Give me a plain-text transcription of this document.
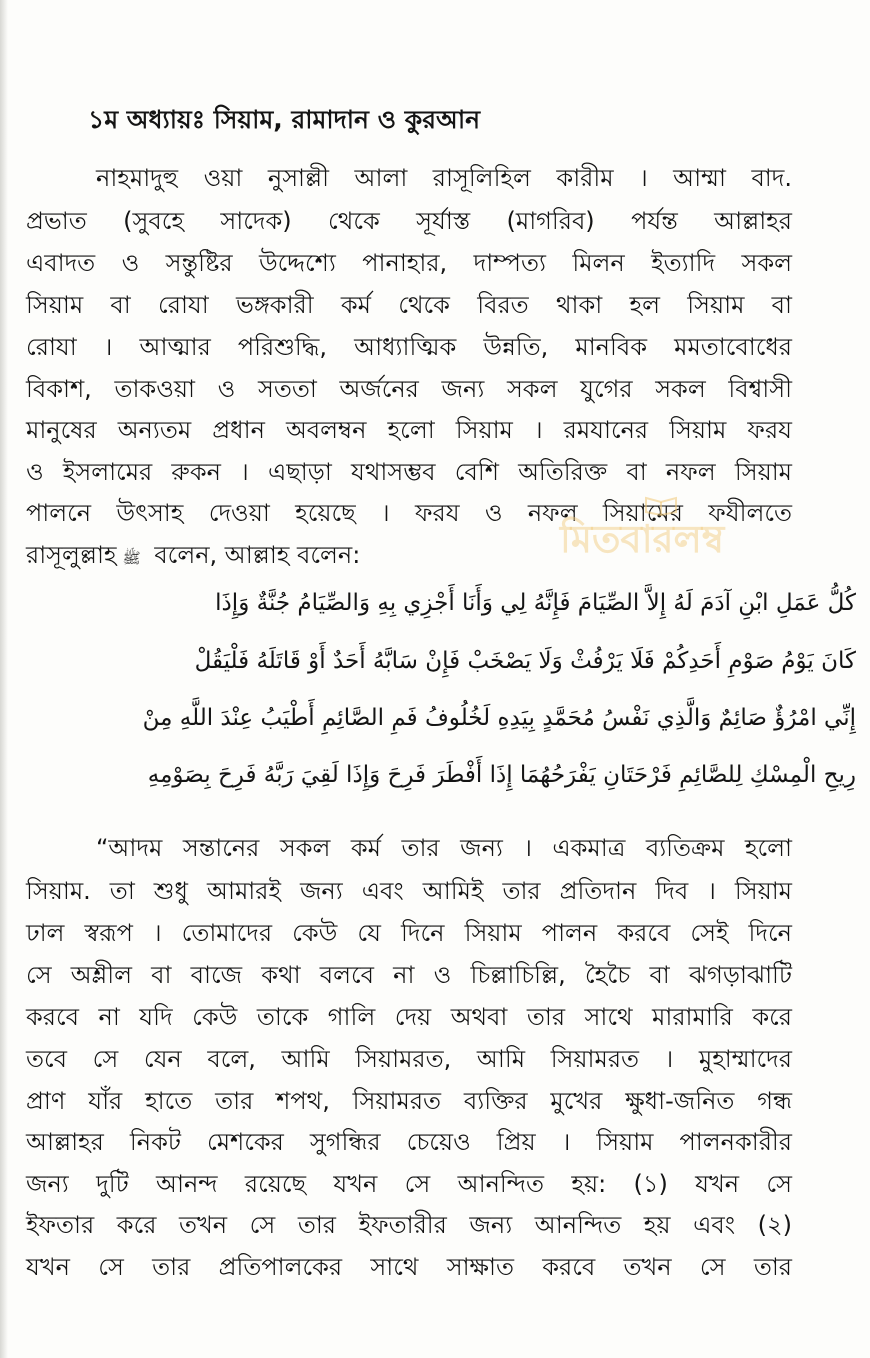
১ম অধ্যায়ঃ সিয়াম, রামাদান ও কুরআন
নাহমাদুহু ওয়া নুসাল্লী আলা রাসূলিহিল কারীম । আম্মা বাদ.
প্রভাত (সুবহে সাদেক) থেকে সূর্যাস্ত (মাগরিব) পর্যন্ত আল্লাহর
এবাদত ও সন্তুষ্টির উদ্দেশ্যে পানাহার, দাম্পত্য মিলন ইত্যাদি সকল
সিয়াম বা রোযা ভঙ্গকারী কর্ম থেকে বিরত থাকা হল সিয়াম বা
রোযা । আত্মার পরিশুদ্ধি, আধ্যাত্মিক উন্নতি, মানবিক মমতাবোধের
বিকাশ, তাকওয়া ও সততা অর্জনের জন্য সকল যুগের সকল বিশ্বাসী
মানুষের অন্যতম প্রধান অবলম্বন হলো সিয়াম । রমযানের সিয়াম ফরয
ও ইসলামের রুকন । এছাড়া যথাসম্ভব বেশি অতিরিক্ত বা নফল সিয়াম
পালনে উৎসাহ দেওয়া হয়েছে । ফরয ও নফল সিয়ামের ফযীলতে
রাসূলুল্লাহ ﷺ বলেন, আল্লাহ বলেন:	মিতবারলম্ব
كُلُّ عَمَلِ ابْنِ آدَمَ لَهُ إِلاَّ الصِّيَامَ فَإِنَّهُ لِي وَأَنَا أَجْزِي بِهِ وَالصِّيَامُ جُنَّةٌ وَإِذَا
كَانَ يَوْمُ صَوْمِ أَحَدِكُمْ فَلَا يَرْفُثْ وَلَا يَصْخَبْ فَإِنْ سَابَّهُ أَحَدٌ أَوْ قَاتَلَهُ فَلْيَقُلْ
إِنِّي امْرُؤٌ صَائِمٌ وَالَّذِي نَفْسُ مُحَمَّدٍ بِيَدِهِ لَخُلُوفُ فَمِ الصَّائِمِ أَطْيَبُ عِنْدَ اللَّهِ مِنْ
رِيحِ الْمِسْكِ لِلصَّائِمِ فَرْحَتَانِ يَفْرَحُهُمَا إِذَا أَفْطَرَ فَرِحَ وَإِذَا لَقِيَ رَبَّهُ فَرِحَ بِصَوْمِهِ
“আদম সন্তানের সকল কর্ম তার জন্য । একমাত্র ব্যতিক্রম হলো
সিয়াম. তা শুধু আমারই জন্য এবং আমিই তার প্রতিদান দিব । সিয়াম
ঢাল স্বরূপ । তোমাদের কেউ যে দিনে সিয়াম পালন করবে সেই দিনে
সে অশ্লীল বা বাজে কথা বলবে না ও চিল্লাচিল্লি, হৈচৈ বা ঝগড়াঝাটি
করবে না যদি কেউ তাকে গালি দেয় অথবা তার সাথে মারামারি করে
তবে সে যেন বলে, আমি সিয়ামরত, আমি সিয়ামরত । মুহাম্মাদের
প্রাণ যাঁর হাতে তার শপথ, সিয়ামরত ব্যক্তির মুখের ক্ষুধা-জনিত গন্ধ
আল্লাহর নিকট মেশকের সুগন্ধির চেয়েও প্রিয় । সিয়াম পালনকারীর
জন্য দুটি আনন্দ রয়েছে যখন সে আনন্দিত হয়: (১) যখন সে
ইফতার করে তখন সে তার ইফতারীর জন্য আনন্দিত হয় এবং (২)
যখন সে তার প্রতিপালকের সাথে সাক্ষাত করবে তখন সে তার
